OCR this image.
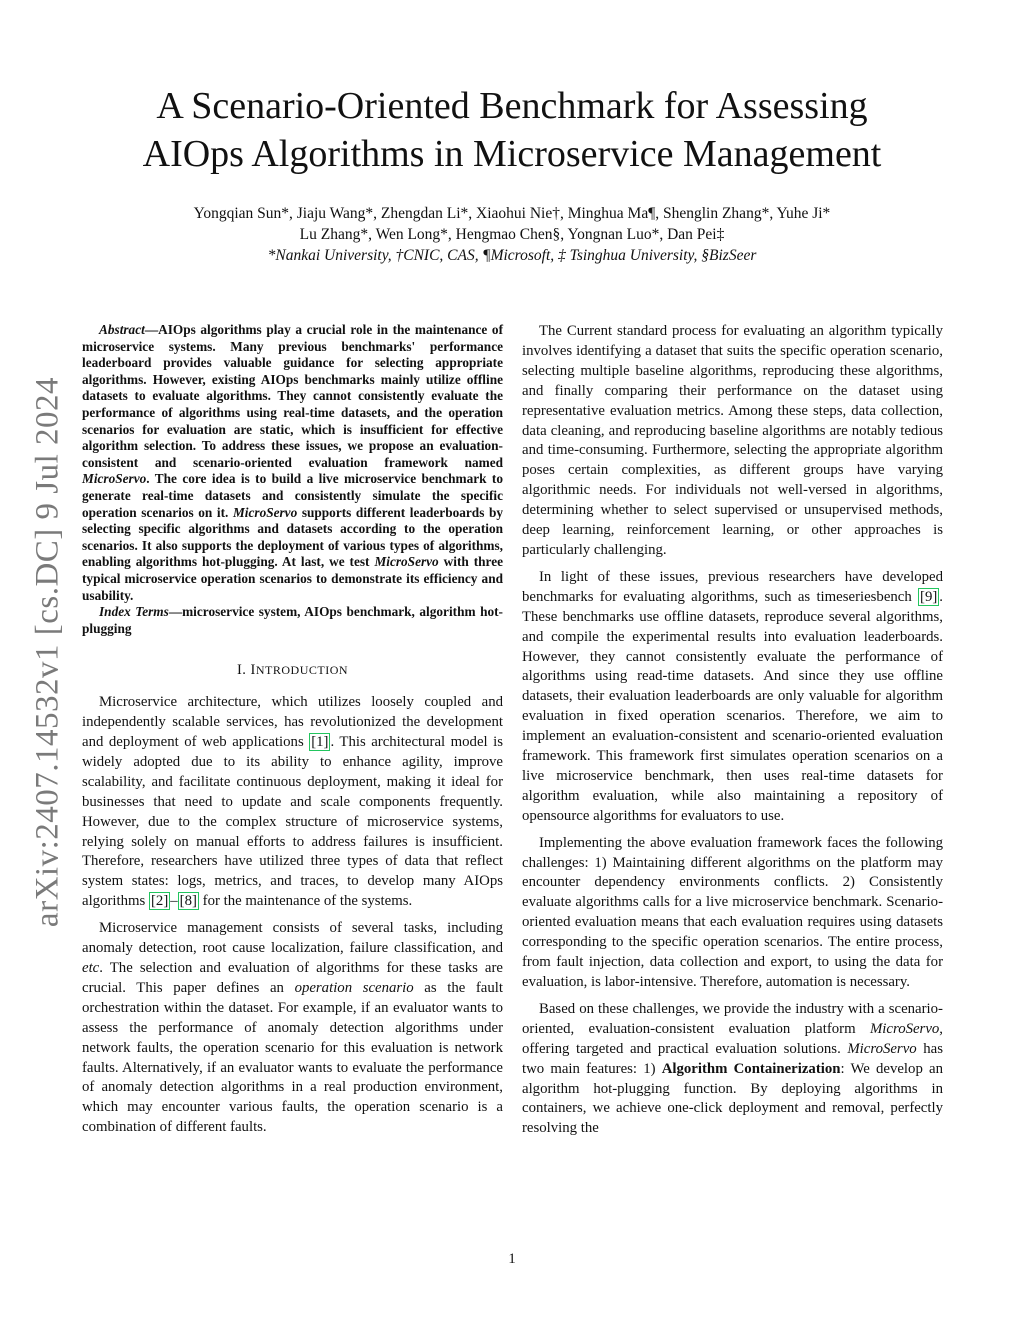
A Scenario-Oriented Benchmark for Assessing
AIOps Algorithms in Microservice Management

Yongqian Sun*, Jiaju Wang*, Zhengdan Li*, Xiaohui Nie†, Minghua Ma¶, Shenglin Zhang*, Yuhe Ji*

Lu Zhang*, Wen Long*, Hengmao Chen§, Yongnan Luo*, Dan Pei‡

*Nankai University, †CNIC, CAS, ¶Microsoft, ‡ Tsinghua University, §BizSeer

arXiv:2407.14532v1 [cs.DC] 9 Jul 2024

Abstract—AIOps algorithms play a crucial role in the maintenance of microservice systems. Many previous benchmarks' performance leaderboard provides valuable guidance for selecting appropriate algorithms. However, existing AIOps benchmarks mainly utilize offline datasets to evaluate algorithms. They cannot consistently evaluate the performance of algorithms using real-time datasets, and the operation scenarios for evaluation are static, which is insufficient for effective algorithm selection. To address these issues, we propose an evaluation-consistent and scenario-oriented evaluation framework named MicroServo. The core idea is to build a live microservice benchmark to generate real-time datasets and consistently simulate the specific operation scenarios on it. MicroServo supports different leaderboards by selecting specific algorithms and datasets according to the operation scenarios. It also supports the deployment of various types of algorithms, enabling algorithms hot-plugging. At last, we test MicroServo with three typical microservice operation scenarios to demonstrate its efficiency and usability.

Index Terms—microservice system, AIOps benchmark, algorithm hot-plugging

I. INTRODUCTION

Microservice architecture, which utilizes loosely coupled and independently scalable services, has revolutionized the development and deployment of web applications [1] . This architectural model is widely adopted due to its ability to enhance agility, improve scalability, and facilitate continuous deployment, making it ideal for businesses that need to update and scale components frequently. However, due to the complex structure of microservice systems, relying solely on manual efforts to address failures is insufficient. Therefore, researchers have utilized three types of data that reflect system states: logs, metrics, and traces, to develop many AIOps algorithms [2] – [8] for the maintenance of the systems.

Microservice management consists of several tasks, including anomaly detection, root cause localization, failure classification, and etc. The selection and evaluation of algorithms for these tasks are crucial. This paper defines an operation scenario as the fault orchestration within the dataset. For example, if an evaluator wants to assess the performance of anomaly detection algorithms under network faults, the operation scenario for this evaluation is network faults. Alternatively, if an evaluator wants to evaluate the performance of anomaly detection algorithms in a real production environment, which may encounter various faults, the operation scenario is a combination of different faults.

The Current standard process for evaluating an algorithm typically involves identifying a dataset that suits the specific operation scenario, selecting multiple baseline algorithms, reproducing these algorithms, and finally comparing their performance on the dataset using representative evaluation metrics. Among these steps, data collection, data cleaning, and reproducing baseline algorithms are notably tedious and time-consuming. Furthermore, selecting the appropriate algorithm poses certain complexities, as different groups have varying algorithmic needs. For individuals not well-versed in algorithms, determining whether to select supervised or unsupervised methods, deep learning, reinforcement learning, or other approaches is particularly challenging.

In light of these issues, previous researchers have developed benchmarks for evaluating algorithms, such as timeseriesbench [9] . These benchmarks use offline datasets, reproduce several algorithms, and compile the experimental results into evaluation leaderboards. However, they cannot consistently evaluate the performance of algorithms using read-time datasets. And since they use offline datasets, their evaluation leaderboards are only valuable for algorithm evaluation in fixed operation scenarios. Therefore, we aim to implement an evaluation-consistent and scenario-oriented evaluation framework. This framework first simulates operation scenarios on a live microservice benchmark, then uses real-time datasets for algorithm evaluation, while also maintaining a repository of opensource algorithms for evaluators to use.

Implementing the above evaluation framework faces the following challenges: 1) Maintaining different algorithms on the platform may encounter dependency environments conflicts. 2) Consistently evaluate algorithms calls for a live microservice benchmark. Scenario-oriented evaluation means that each evaluation requires using datasets corresponding to the specific operation scenarios. The entire process, from fault injection, data collection and export, to using the data for evaluation, is labor-intensive. Therefore, automation is necessary.

Based on these challenges, we provide the industry with a scenario-oriented, evaluation-consistent evaluation platform MicroServo, offering targeted and practical evaluation solutions. MicroServo has two main features: 1) Algorithm Containerization: We develop an algorithm hot-plugging function. By deploying algorithms in containers, we achieve one-click deployment and removal, perfectly resolving the

1
